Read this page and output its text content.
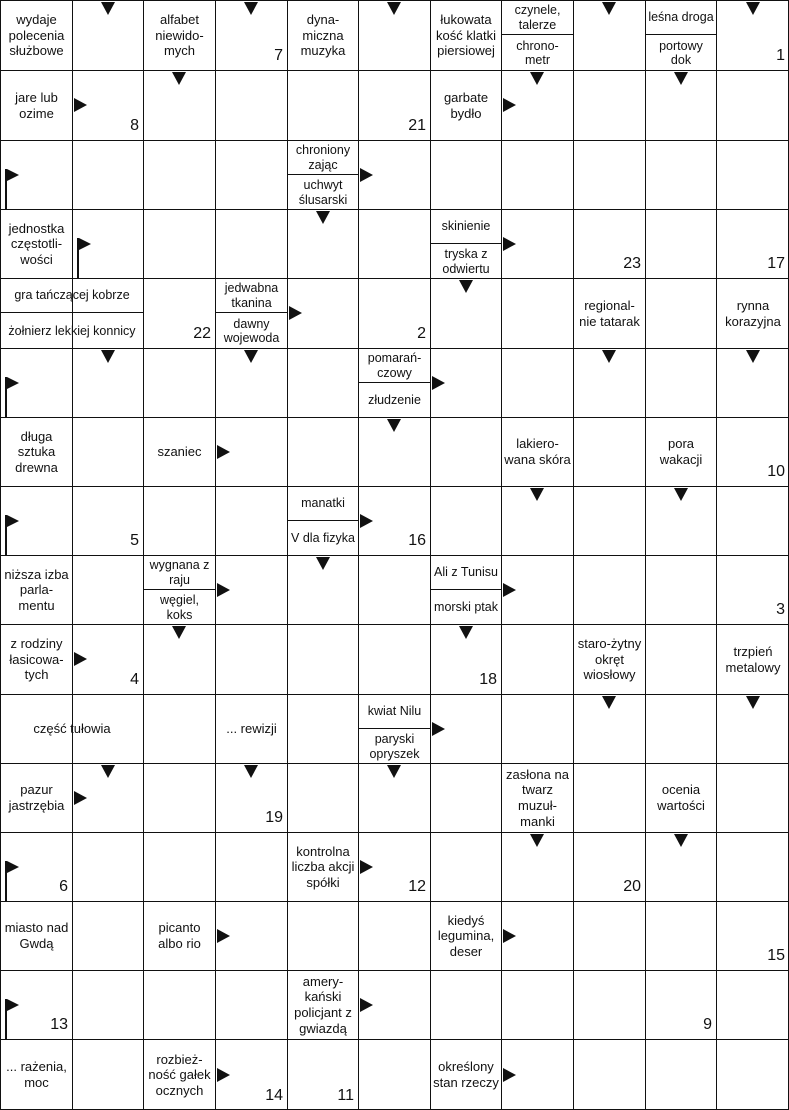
wydaje polecenia służbowe
alfabet niewido-mych
dyna-miczna muzyka
łukowata kość klatki piersiowej
czynele, talerze
chrono-metr
leśna droga
portowy dok
jare lub ozime
garbate bydło
chroniony zając
uchwyt ślusarski
jednostka częstotli-wości
skinienie
tryska z odwiertu
gra tańczącej kobrze
żołnierz lekkiej konnicy
jedwabna tkanina
dawny wojewoda
regional-nie tatarak
rynna korazyjna
pomarań-czowy
złudzenie
długa sztuka drewna
szaniec
lakiero-wana skóra
pora wakacji
manatki
V dla fizyka
niższa izba parla-mentu
wygnana z raju
węgiel, koks
Ali z Tunisu
morski ptak
z rodziny łasicowa-tych
staro-żytny okręt wiosłowy
trzpień metalowy
część tułowia	... rewizji
kwiat Nilu
paryski opryszek
pazur jastrzębia
zasłona na twarz muzuł-manki
ocenia wartości
kontrolna liczba akcji spółki
miasto nad Gwdą
picanto albo rio
kiedyś legumina, deser
amery-kański policjant z gwiazdą
... rażenia, moc
rozbież-ność gałek ocznych
określony stan rzeczy
7	1
8	21
23	17
22	2
10
5	16
3
4	18
19
6	12	20
15
13	9
14	11
